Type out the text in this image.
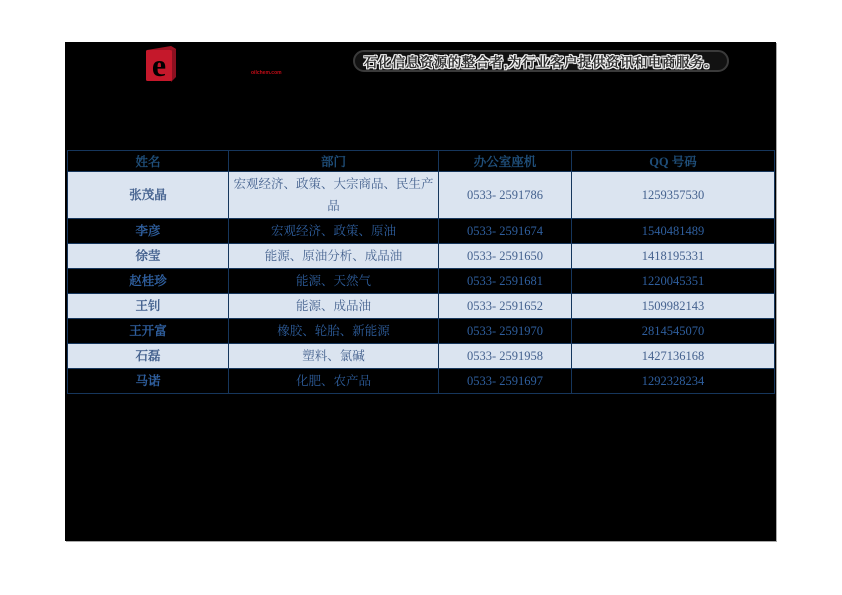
e	oilchem.com
石化信息资源的整合者,为行业客户提供资讯和电商服务。
姓名	部门	办公室座机	QQ 号码
张茂晶	宏观经济、政策、大宗商品、民生产品	0533- 2591786	1259357530
李彦	宏观经济、政策、原油	0533- 2591674	1540481489
徐莹	能源、原油分析、成品油	0533- 2591650	1418195331
赵桂珍	能源、天然气	0533- 2591681	1220045351
王钊	能源、成品油	0533- 2591652	1509982143
王开富	橡胶、轮胎、新能源	0533- 2591970	2814545070
石磊	塑料、氯碱	0533- 2591958	1427136168
马诺	化肥、农产品	0533- 2591697	1292328234
